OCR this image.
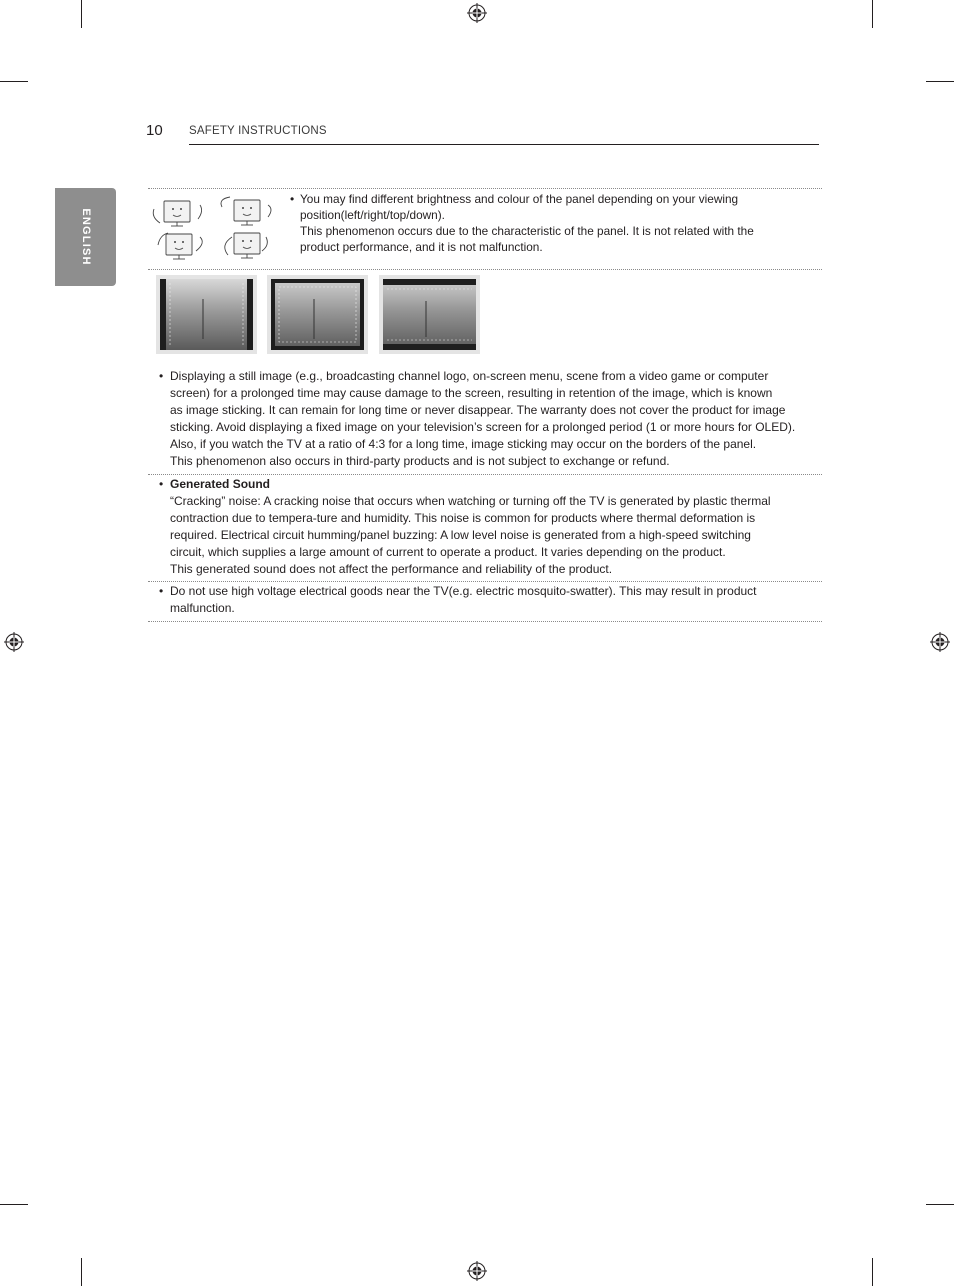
10 SAFETY INSTRUCTIONS
ENGLISH
• You may find different brightness and colour of the panel depending on your viewing

position(left/right/top/down).

This phenomenon occurs due to the characteristic of the panel. It is not related with the

product performance, and it is not malfunction.

• Displaying a still image (e.g., broadcasting channel logo, on-screen menu, scene from a video game or computer

screen) for a prolonged time may cause damage to the screen, resulting in retention of the image, which is known

as image sticking. It can remain for long time or never disappear. The warranty does not cover the product for image

sticking. Avoid displaying a fixed image on your television’s screen for a prolonged period (1 or more hours for OLED).

Also, if you watch the TV at a ratio of 4:3 for a long time, image sticking may occur on the borders of the panel.

This phenomenon also occurs in third-party products and is not subject to exchange or refund.

• Generated Sound

“Cracking” noise: A cracking noise that occurs when watching or turning off the TV is generated by plastic thermal

contraction due to tempera-ture and humidity. This noise is common for products where thermal deformation is

required. Electrical circuit humming/panel buzzing: A low level noise is generated from a high-speed switching

circuit, which supplies a large amount of current to operate a product. It varies depending on the product.

This generated sound does not affect the performance and reliability of the product.

• Do not use high voltage electrical goods near the TV(e.g. electric mosquito-swatter). This may result in product

malfunction.
